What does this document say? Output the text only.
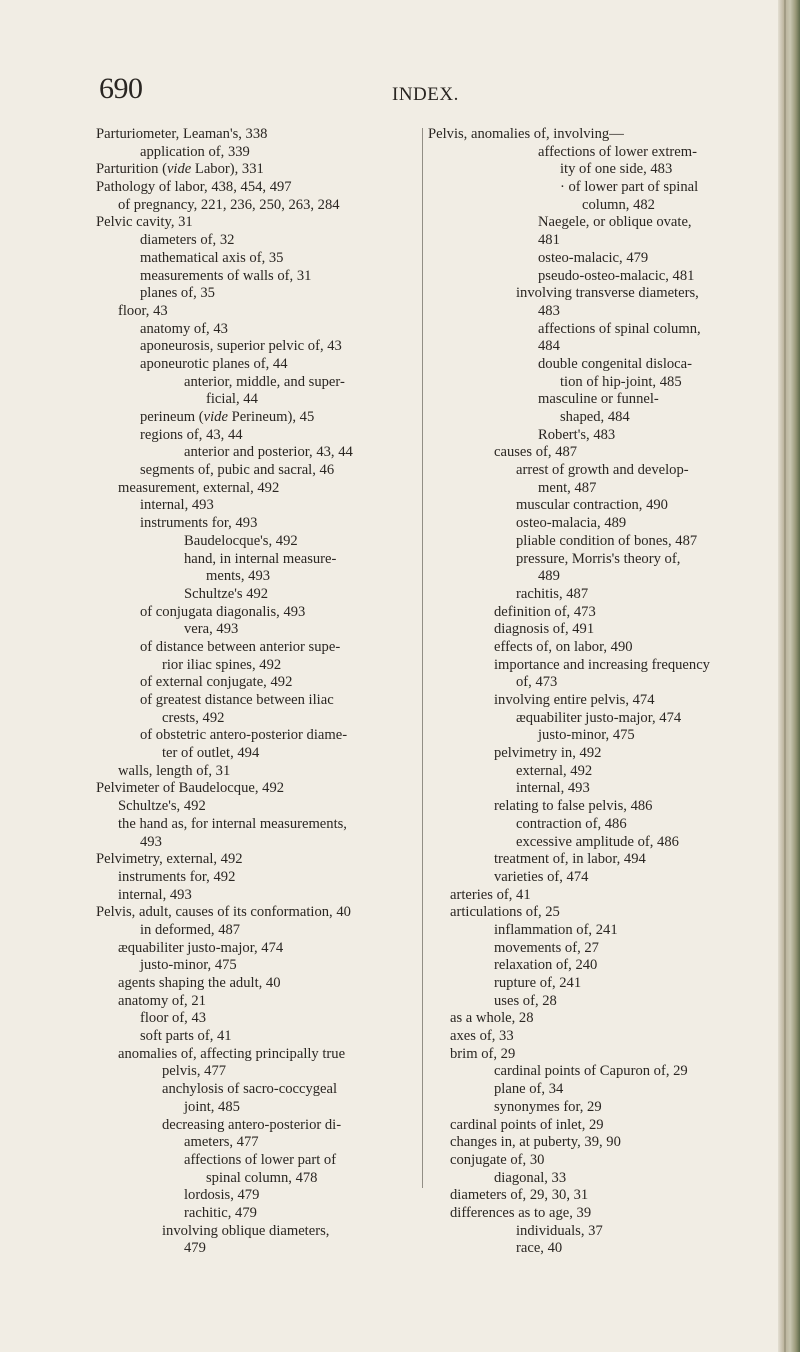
690	INDEX.
Parturiometer, Leaman's, 338
application of, 339
Parturition (vide Labor), 331
Pathology of labor, 438, 454, 497
of pregnancy, 221, 236, 250, 263, 284
Pelvic cavity, 31
diameters of, 32
mathematical axis of, 35
measurements of walls of, 31
planes of, 35
floor, 43
anatomy of, 43
aponeurosis, superior pelvic of, 43
aponeurotic planes of, 44
anterior, middle, and super-
ficial, 44
perineum (vide Perineum), 45
regions of, 43, 44
anterior and posterior, 43, 44
segments of, pubic and sacral, 46
measurement, external, 492
internal, 493
instruments for, 493
Baudelocque's, 492
hand, in internal measure-
ments, 493
Schultze's 492
of conjugata diagonalis, 493
vera, 493
of distance between anterior supe-
rior iliac spines, 492
of external conjugate, 492
of greatest distance between iliac
crests, 492
of obstetric antero-posterior diame-
ter of outlet, 494
walls, length of, 31
Pelvimeter of Baudelocque, 492
Schultze's, 492
the hand as, for internal measurements,
493
Pelvimetry, external, 492
instruments for, 492
internal, 493
Pelvis, adult, causes of its conformation, 40
in deformed, 487
æquabiliter justo-major, 474
justo-minor, 475
agents shaping the adult, 40
anatomy of, 21
floor of, 43
soft parts of, 41
anomalies of, affecting principally true
pelvis, 477
anchylosis of sacro-coccygeal
joint, 485
decreasing antero-posterior di-
ameters, 477
affections of lower part of
spinal column, 478
lordosis, 479
rachitic, 479
involving oblique diameters,
479
Pelvis, anomalies of, involving—
affections of lower extrem-
ity of one side, 483
· of lower part of spinal
column, 482
Naegele, or oblique ovate,
481
osteo-malacic, 479
pseudo-osteo-malacic, 481
involving transverse diameters,
483
affections of spinal column,
484
double congenital disloca-
tion of hip-joint, 485
masculine or funnel-
shaped, 484
Robert's, 483
causes of, 487
arrest of growth and develop-
ment, 487
muscular contraction, 490
osteo-malacia, 489
pliable condition of bones, 487
pressure, Morris's theory of,
489
rachitis, 487
definition of, 473
diagnosis of, 491
effects of, on labor, 490
importance and increasing frequency
of, 473
involving entire pelvis, 474
æquabiliter justo-major, 474
justo-minor, 475
pelvimetry in, 492
external, 492
internal, 493
relating to false pelvis, 486
contraction of, 486
excessive amplitude of, 486
treatment of, in labor, 494
varieties of, 474
arteries of, 41
articulations of, 25
inflammation of, 241
movements of, 27
relaxation of, 240
rupture of, 241
uses of, 28
as a whole, 28
axes of, 33
brim of, 29
cardinal points of Capuron of, 29
plane of, 34
synonymes for, 29
cardinal points of inlet, 29
changes in, at puberty, 39, 90
conjugate of, 30
diagonal, 33
diameters of, 29, 30, 31
differences as to age, 39
individuals, 37
race, 40
